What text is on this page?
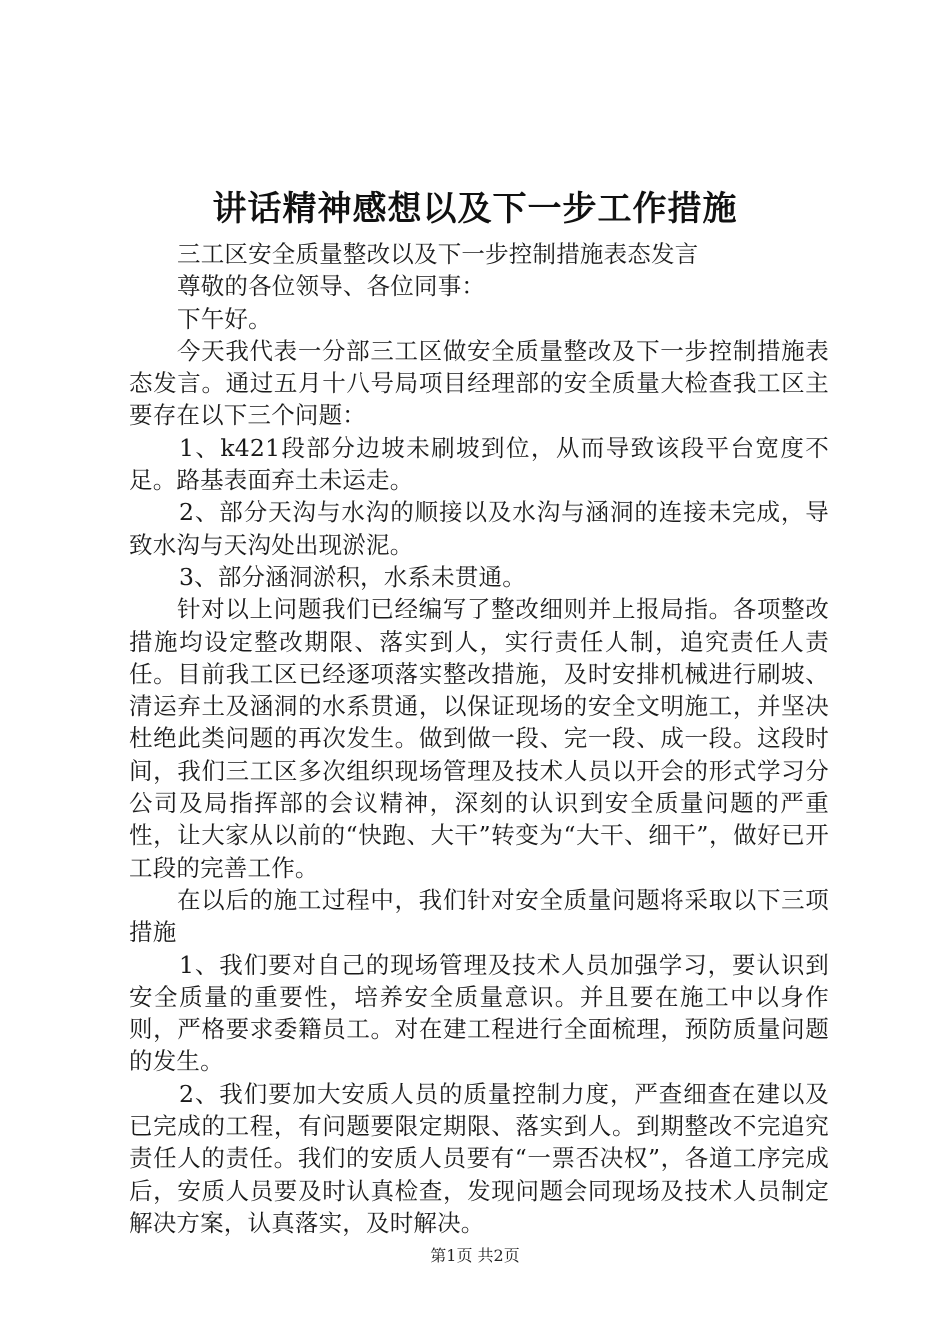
讲话精神感想以及下一步工作措施

三工区安全质量整改以及下一步控制措施表态发言

尊敬的各位领导、各位同事：

下午好。

今天我代表一分部三工区做安全质量整改及下一步控制措施表态发言。通过五月十八号局项目经理部的安全质量大检查我工区主要存在以下三个问题：

1、k421段部分边坡未刷坡到位，从而导致该段平台宽度不足。路基表面弃土未运走。

2、部分天沟与水沟的顺接以及水沟与涵洞的连接未完成，导致水沟与天沟处出现淤泥。

3、部分涵洞淤积，水系未贯通。

针对以上问题我们已经编写了整改细则并上报局指。各项整改措施均设定整改期限、落实到人，实行责任人制，追究责任人责任。目前我工区已经逐项落实整改措施，及时安排机械进行刷坡、清运弃土及涵洞的水系贯通，以保证现场的安全文明施工，并坚决杜绝此类问题的再次发生。做到做一段、完一段、成一段。这段时间，我们三工区多次组织现场管理及技术人员以开会的形式学习分公司及局指挥部的会议精神，深刻的认识到安全质量问题的严重性，让大家从以前的“快跑、大干”转变为“大干、细干”，做好已开工段的完善工作。

在以后的施工过程中，我们针对安全质量问题将采取以下三项措施

1、我们要对自己的现场管理及技术人员加强学习，要认识到安全质量的重要性，培养安全质量意识。并且要在施工中以身作则，严格要求委籍员工。对在建工程进行全面梳理，预防质量问题的发生。

2、我们要加大安质人员的质量控制力度，严查细查在建以及已完成的工程，有问题要限定期限、落实到人。到期整改不完追究责任人的责任。我们的安质人员要有“一票否决权”，各道工序完成后，安质人员要及时认真检查，发现问题会同现场及技术人员制定解决方案，认真落实，及时解决。

第1页 共2页
